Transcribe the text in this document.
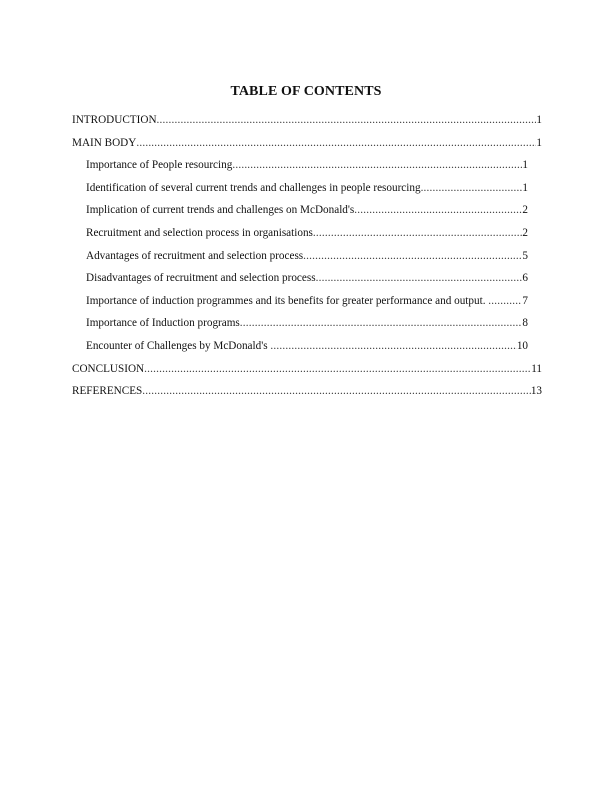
TABLE OF CONTENTS
INTRODUCTION .....	1
MAIN BODY .....	1
Importance of People resourcing .....	1
Identification of several current trends and challenges in people resourcing .....	1
Implication of current trends and challenges on McDonald's .....	2
Recruitment and selection process in organisations .....	2
Advantages of recruitment and selection process .....	5
Disadvantages of recruitment and selection process .....	6
Importance of induction programmes and its benefits for greater performance and output. .....	7
Importance of Induction programs .....	8
Encounter of Challenges by McDonald's .....	10
CONCLUSION .....	11
REFERENCES .....	13
